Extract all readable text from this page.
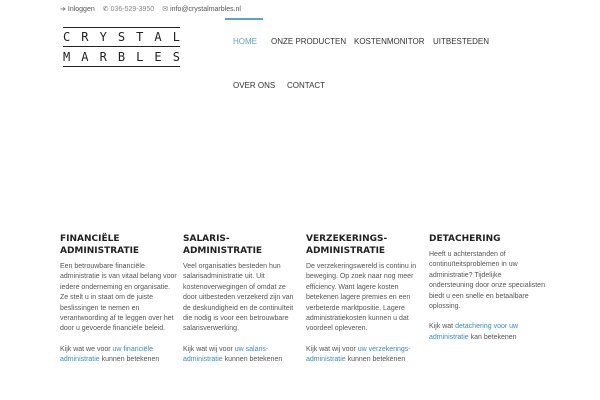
➜ Inloggen ✆ 036-529-3950 ✉ info@crystalmarbles.nl
C R Y S T A L
M A R B L E S
HOME ONZE PRODUCTEN KOSTENMONITOR UITBESTEDEN
OVER ONS CONTACT
FINANCIËLE
ADMINISTRATIE

Een betrouwbare financiële administratie is van vitaal belang voor iedere onderneming en organisatie. Ze stelt u in staat om de juiste beslissingen te nemen en verantwoording af te leggen over het door u gevoerde financiële beleid.

Kijk wat we voor uw financiële administratie kunnen betekenen

SALARIS-
ADMINISTRATIE

Veel organisaties besteden hun salarisadministratie uit. Uit kostenoverwegingen of omdat ze door uitbesteden verzekerd zijn van de deskundigheid en de continuïteit die nodig is voor een betrouwbare salarisverwerking.

Kijk wat wij voor uw salaris-administratie kunnen betekenen

VERZEKERINGS-
ADMINISTRATIE

De verzekeringswereld is continu in beweging. Op zoek naar nog meer efficiency. Want lagere kosten betekenen lagere premies en een verbeterde marktpositie. Lagere administratiekosten kunnen u dat voordeel opleveren.

Kijk wat wij voor uw verzekerings-administratie kunnen betekenen

DETACHERING

Heeft u achterstanden of continuïteitsproblemen in uw administratie? Tijdelijke ondersteuning door onze specialisten biedt u een snelle en betaalbare oplossing.

Kijk wat detachering voor uw administratie kan betekenen
